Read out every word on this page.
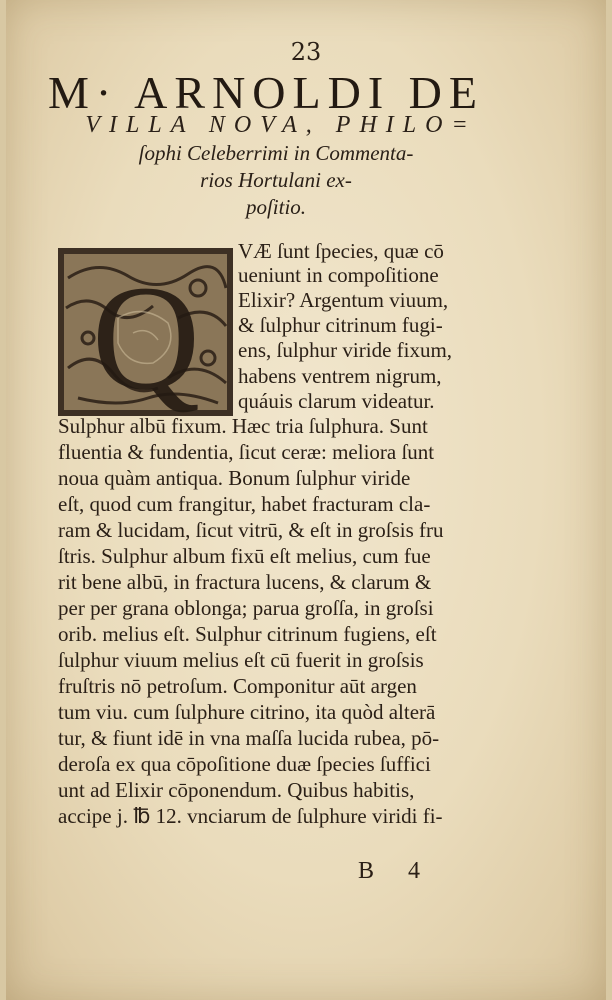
23
M· ARNOLDI DE
VILLA NOVA, PHILO=
ſophi Celeberrimi in Commenta-
rios Hortulani ex-
poſitio.
Q
VÆ ſunt ſpecies, quæ cō
ueniunt in compoſitione
Elixir? Argentum viuum,
& ſulphur citrinum fugi-
ens, ſulphur viride fixum,
habens ventrem nigrum,
quáuis clarum videatur.
Sulphur albū fixum. Hæc tria ſulphura. Sunt
fluentia & fundentia, ſicut ceræ: meliora ſunt
noua quàm antiqua. Bonum ſulphur viride
eſt, quod cum frangitur, habet fracturam cla-
ram & lucidam, ſicut vitrū, & eſt in groſsis fru
ſtris. Sulphur album fixū eſt melius, cum fue
rit bene albū, in fractura lucens, & clarum &
per per grana oblonga; parua groſſa, in groſsi
orib. melius eſt. Sulphur citrinum fugiens, eſt
ſulphur viuum melius eſt cū fuerit in groſsis
fruſtris nō petroſum. Componitur aūt argen
tum viu. cum ſulphure citrino, ita quòd alterā
tur, & fiunt idē in vna maſſa lucida rubea, pō-
deroſa ex qua cōpoſitione duæ ſpecies ſuffici
unt ad Elixir cōponendum. Quibus habitis,
accipe j. ℔ 12. vnciarum de ſulphure viridi fi-
B 4
